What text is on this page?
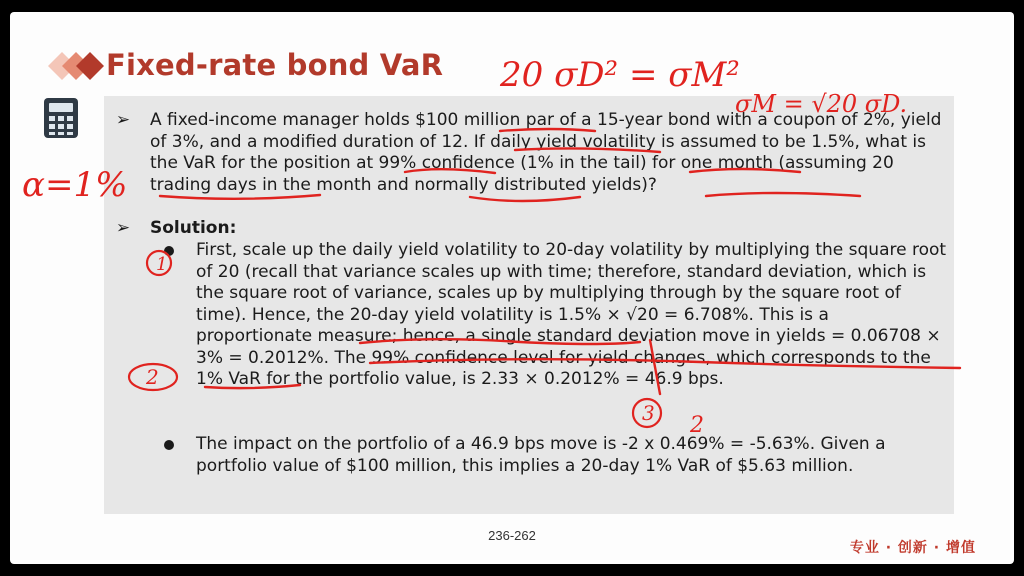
Fixed-rate bond VaR
➢ A fixed-income manager holds $100 million par of a 15-year bond with a coupon of 2%, yield of 3%, and a modified duration of 12. If daily yield volatility is assumed to be 1.5%, what is the VaR for the position at 99% confidence (1% in the tail) for one month (assuming 20 trading days in the month and normally distributed yields)?
➢ Solution:
First, scale up the daily yield volatility to 20-day volatility by multiplying the square root of 20 (recall that variance scales up with time; therefore, standard deviation, which is the square root of variance, scales up by multiplying through by the square root of time). Hence, the 20-day yield volatility is 1.5% × √20 = 6.708%. This is a proportionate measure; hence, a single standard deviation move in yields = 0.06708 × 3% = 0.2012%. The 99% confidence level for yield changes, which corresponds to the 1% VaR for the portfolio value, is 2.33 × 0.2012% = 46.9 bps.
The impact on the portfolio of a 46.9 bps move is -2 x 0.469% = -5.63%. Given a portfolio value of $100 million, this implies a 20-day 1% VaR of $5.63 million.
236-262
专业 · 创新 · 增值
20 σD² = σM²
σM = √20 σD.
α=1%
1
2
3 2
